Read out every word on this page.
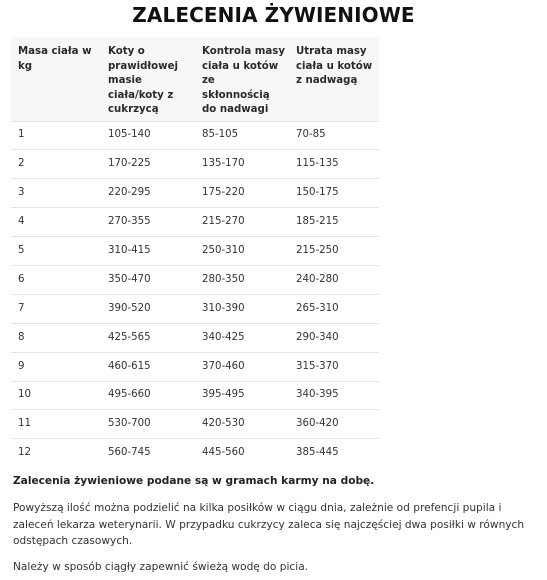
ZALECENIA ŻYWIENIOWE
Masa ciała w kg	Koty o prawidłowej masie ciała/koty z cukrzycą	Kontrola masy ciała u kotów ze skłonnością do nadwagi	Utrata masy ciała u kotów z nadwagą
1	105-140	85-105	70-85
2	170-225	135-170	115-135
3	220-295	175-220	150-175
4	270-355	215-270	185-215
5	310-415	250-310	215-250
6	350-470	280-350	240-280
7	390-520	310-390	265-310
8	425-565	340-425	290-340
9	460-615	370-460	315-370
10	495-660	395-495	340-395
11	530-700	420-530	360-420
12	560-745	445-560	385-445

Zalecenia żywieniowe podane są w gramach karmy na dobę.

Powyższą ilość można podzielić na kilka posiłków w ciągu dnia, zależnie od prefencji pupila i zaleceń lekarza weterynarii. W przypadku cukrzycy zaleca się najczęściej dwa posiłki w równych odstępach czasowych.

Należy w sposób ciągły zapewnić świeżą wodę do picia.
